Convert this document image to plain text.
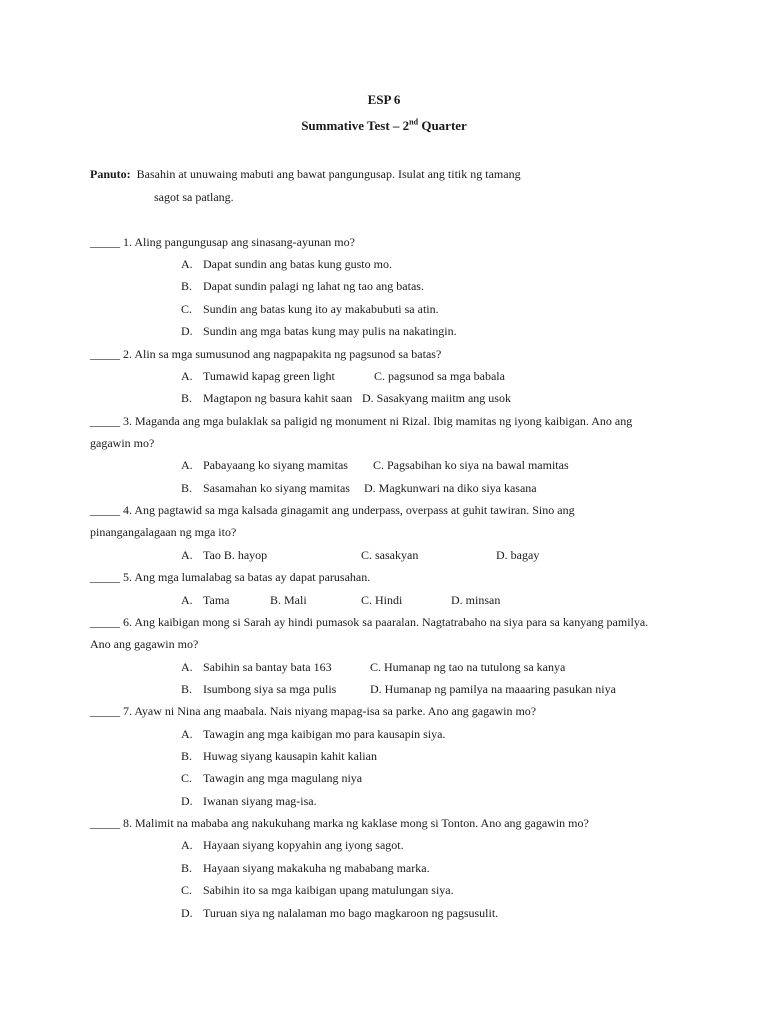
ESP 6
Summative Test – 2nd Quarter
Panuto: Basahin at unuwaing mabuti ang bawat pangungusap. Isulat ang titik ng tamang
sagot sa patlang.
_____ 1. Aling pangungusap ang sinasang-ayunan mo?
A. Dapat sundin ang batas kung gusto mo.
B. Dapat sundin palagi ng lahat ng tao ang batas.
C. Sundin ang batas kung ito ay makabubuti sa atin.
D. Sundin ang mga batas kung may pulis na nakatingin.
_____ 2. Alin sa mga sumusunod ang nagpapakita ng pagsunod sa batas?
A. Tumawid kapag green light	C. pagsunod sa mga babala
B. Magtapon ng basura kahit saan D. Sasakyang maiitm ang usok
_____ 3. Maganda ang mga bulaklak sa paligid ng monument ni Rizal. Ibig mamitas ng iyong kaibigan. Ano ang
gagawin mo?
A. Pabayaang ko siyang mamitas C. Pagsabihan ko siya na bawal mamitas
B. Sasamahan ko siyang mamitas D. Magkunwari na diko siya kasana
_____ 4. Ang pagtawid sa mga kalsada ginagamit ang underpass, overpass at guhit tawiran. Sino ang
pinangangalagaan ng mga ito?
A. Tao B. hayop	C. sasakyan	D. bagay
_____ 5. Ang mga lumalabag sa batas ay dapat parusahan.
A. Tama	B. Mali	C. Hindi	D. minsan
_____ 6. Ang kaibigan mong si Sarah ay hindi pumasok sa paaralan. Nagtatrabaho na siya para sa kanyang pamilya.
Ano ang gagawin mo?
A. Sabihin sa bantay bata 163	C. Humanap ng tao na tutulong sa kanya
B. Isumbong siya sa mga pulis	D. Humanap ng pamilya na maaaring pasukan niya
_____ 7. Ayaw ni Nina ang maabala. Nais niyang mapag-isa sa parke. Ano ang gagawin mo?
A. Tawagin ang mga kaibigan mo para kausapin siya.
B. Huwag siyang kausapin kahit kalian
C. Tawagin ang mga magulang niya
D. Iwanan siyang mag-isa.
_____ 8. Malimit na mababa ang nakukuhang marka ng kaklase mong si Tonton. Ano ang gagawin mo?
A. Hayaan siyang kopyahin ang iyong sagot.
B. Hayaan siyang makakuha ng mababang marka.
C. Sabihin ito sa mga kaibigan upang matulungan siya.
D. Turuan siya ng nalalaman mo bago magkaroon ng pagsusulit.
